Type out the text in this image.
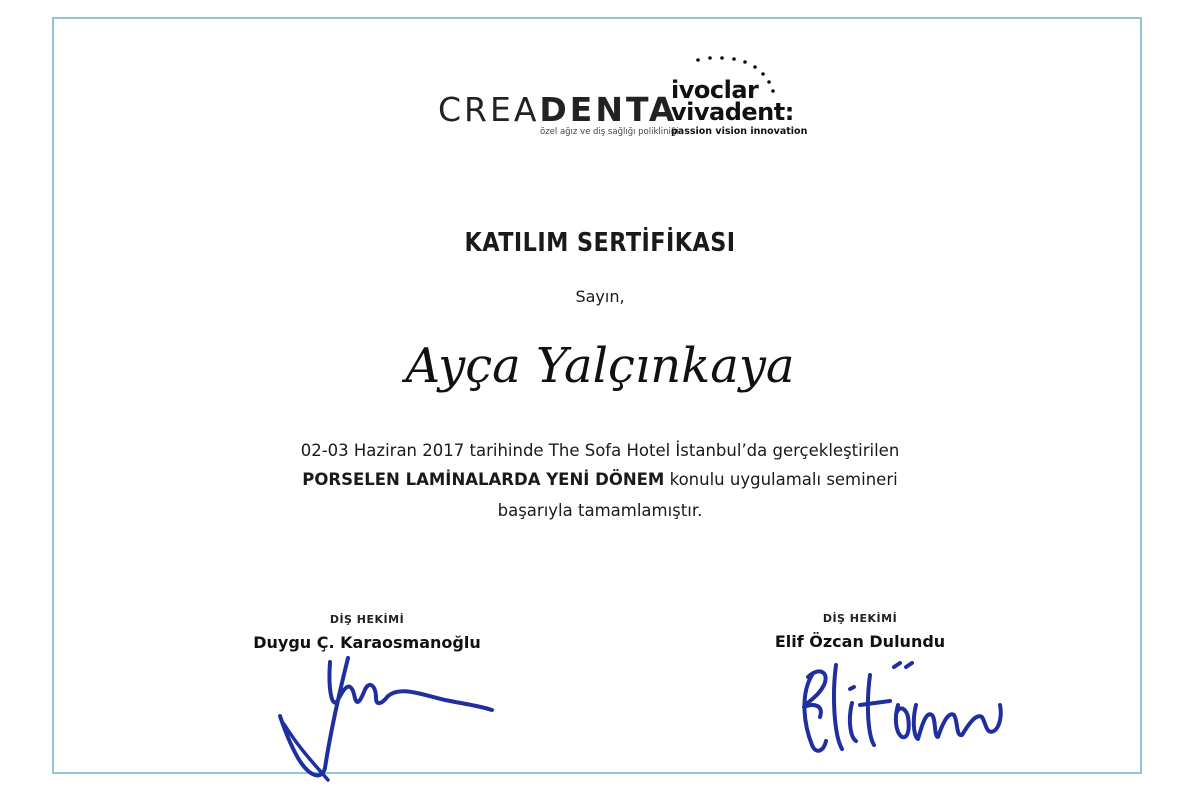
CREADENTA
özel ağız ve diş sağlığı polikliniği
ivoclar
vivadent:
passion vision innovation
KATILIM SERTİFİKASI
Sayın,
Ayça Yalçınkaya
02-03 Haziran 2017 tarihinde The Sofa Hotel İstanbul’da gerçekleştirilen
PORSELEN LAMİNALARDA YENİ DÖNEM konulu uygulamalı semineri
başarıyla tamamlamıştır.
DİŞ HEKİMİ
Duygu Ç. Karaosmanoğlu
DİŞ HEKİMİ
Elif Özcan Dulundu
